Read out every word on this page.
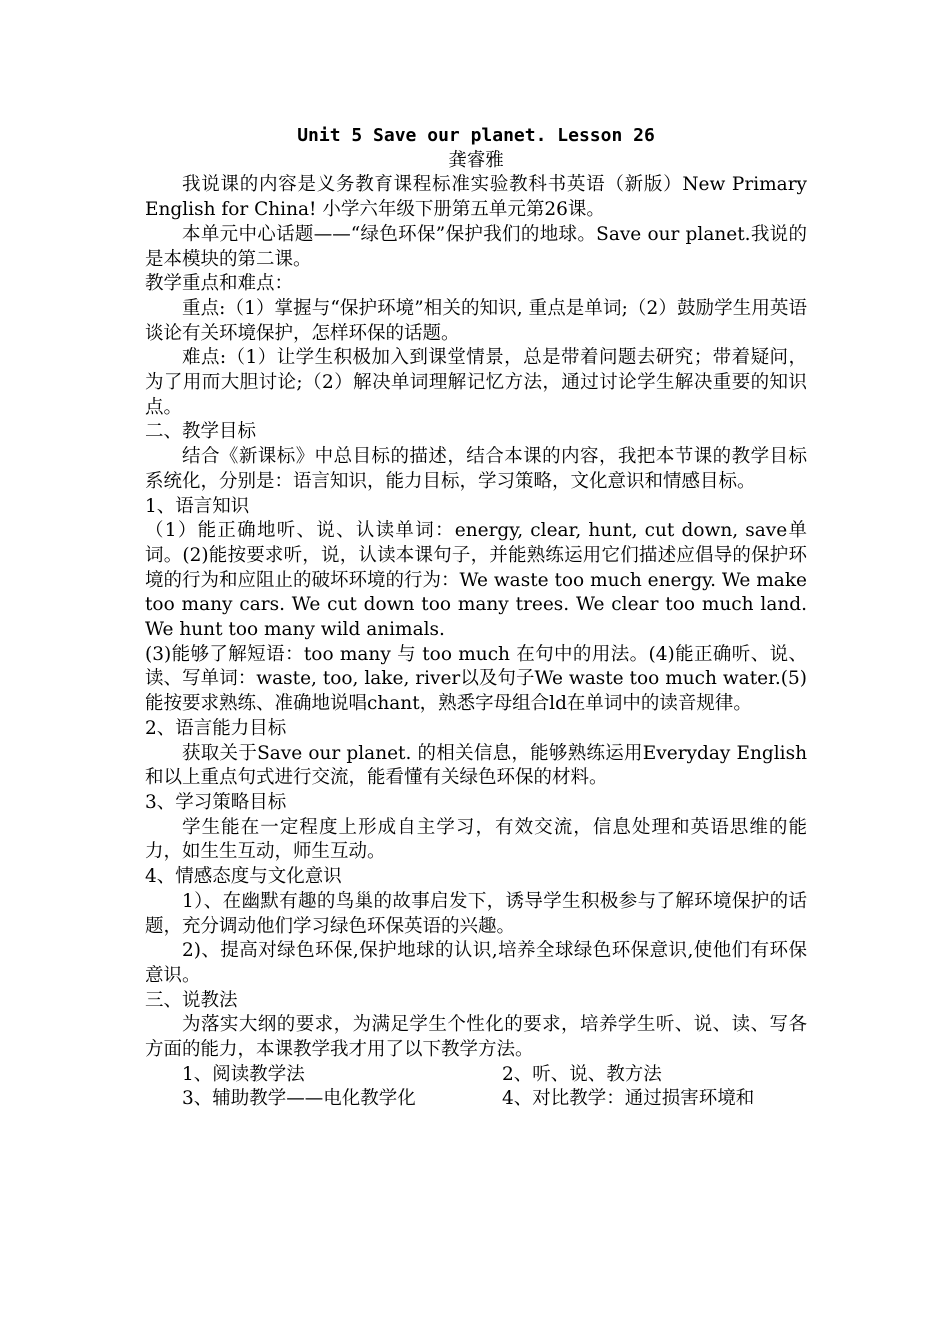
Unit 5 Save our planet. Lesson 26
龚睿雅

我说课的内容是义务教育课程标准实验教科书英语（新版）New Primary English for China! 小学六年级下册第五单元第26课。

本单元中心话题——“绿色环保”保护我们的地球。Save our planet.我说的是本模块的第二课。

教学重点和难点：

重点:（1）掌握与“保护环境”相关的知识, 重点是单词;（2）鼓励学生用英语谈论有关环境保护，怎样环保的话题。

难点:（1）让学生积极加入到课堂情景，总是带着问题去研究；带着疑问，为了用而大胆讨论;（2）解决单词理解记忆方法，通过讨论学生解决重要的知识点。

二、教学目标

结合《新课标》中总目标的描述，结合本课的内容，我把本节课的教学目标系统化，分别是：语言知识，能力目标，学习策略，文化意识和情感目标。

1、语言知识

（1）能正确地听、说、认读单词：energy, clear, hunt, cut down, save单词。(2)能按要求听，说，认读本课句子，并能熟练运用它们描述应倡导的保护环境的行为和应阻止的破坏环境的行为：We waste too much energy. We make too many cars. We cut down too many trees. We clear too much land. We hunt too many wild animals.

(3)能够了解短语：too many 与 too much 在句中的用法。(4)能正确听、说、读、写单词：waste, too, lake, river以及句子We waste too much water.(5)能按要求熟练、准确地说唱chant，熟悉字母组合ld在单词中的读音规律。

2、语言能力目标

获取关于Save our planet. 的相关信息，能够熟练运用Everyday English 和以上重点句式进行交流，能看懂有关绿色环保的材料。

3、学习策略目标

学生能在一定程度上形成自主学习，有效交流，信息处理和英语思维的能力，如生生互动，师生互动。

4、情感态度与文化意识

1）、在幽默有趣的鸟巢的故事启发下，诱导学生积极参与了解环境保护的话题，充分调动他们学习绿色环保英语的兴趣。

2)、提高对绿色环保,保护地球的认识,培养全球绿色环保意识,使他们有环保意识。

三、说教法

为落实大纲的要求，为满足学生个性化的要求，培养学生听、说、读、写各方面的能力，本课教学我才用了以下教学方法。

1、阅读教学法	2、听、说、教方法
3、辅助教学——电化教学化	4、对比教学：通过损害环境和
